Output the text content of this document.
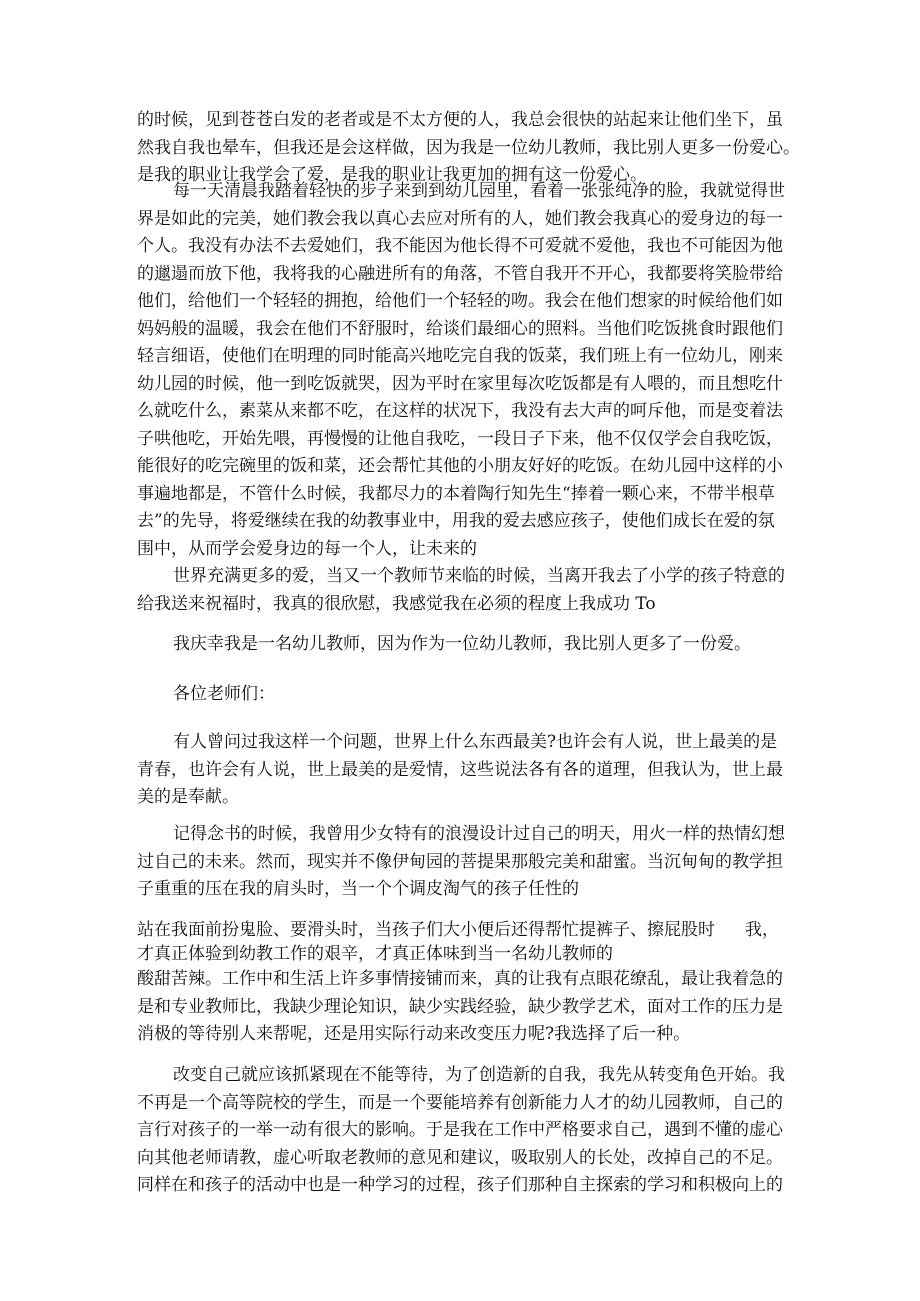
的时候，见到苍苍白发的老者或是不太方便的人，我总会很快的站起来让他们坐下，虽
然我自我也晕车，但我还是会这样做，因为我是一位幼儿教师，我比别人更多一份爱心。
是我的职业让我学会了爱，是我的职业让我更加的拥有这一份爱心。
每一天清晨我踏着轻快的步子来到到幼儿园里，看着一张张纯净的脸，我就觉得世
界是如此的完美，她们教会我以真心去应对所有的人，她们教会我真心的爱身边的每一
个人。我没有办法不去爱她们，我不能因为他长得不可爱就不爱他，我也不可能因为他
的邋遢而放下他，我将我的心融进所有的角落，不管自我开不开心，我都要将笑脸带给
他们，给他们一个轻轻的拥抱，给他们一个轻轻的吻。我会在他们想家的时候给他们如
妈妈般的温暖，我会在他们不舒服时，给谈们最细心的照料。当他们吃饭挑食时跟他们
轻言细语，使他们在明理的同时能高兴地吃完自我的饭菜，我们班上有一位幼儿，刚来
幼儿园的时候，他一到吃饭就哭，因为平时在家里每次吃饭都是有人喂的，而且想吃什
么就吃什么，素菜从来都不吃，在这样的状况下，我没有去大声的呵斥他，而是变着法
子哄他吃，开始先喂，再慢慢的让他自我吃，一段日子下来，他不仅仅学会自我吃饭，
能很好的吃完碗里的饭和菜，还会帮忙其他的小朋友好好的吃饭。在幼儿园中这样的小
事遍地都是，不管什么时候，我都尽力的本着陶行知先生“捧着一颗心来，不带半根草
去”的先导，将爱继续在我的幼教事业中，用我的爱去感应孩子，使他们成长在爱的氛
围中，从而学会爱身边的每一个人，让未来的
世界充满更多的爱，当又一个教师节来临的时候，当离开我去了小学的孩子特意的
给我送来祝福时，我真的很欣慰，我感觉我在必须的程度上我成功 To
我庆幸我是一名幼儿教师，因为作为一位幼儿教师，我比别人更多了一份爱。
各位老师们：
有人曾问过我这样一个问题，世界上什么东西最美?也许会有人说，世上最美的是
青春，也许会有人说，世上最美的是爱情，这些说法各有各的道理，但我认为，世上最
美的是奉献。
记得念书的时候，我曾用少女特有的浪漫设计过自己的明天，用火一样的热情幻想
过自己的未来。然而，现实并不像伊甸园的菩提果那般完美和甜蜜。当沉甸甸的教学担
子重重的压在我的肩头时，当一个个调皮淘气的孩子任性的
站在我面前扮鬼脸、要滑头时，当孩子们大小便后还得帮忙提裤子、擦屁股时 我，
才真正体验到幼教工作的艰辛，才真正体味到当一名幼儿教师的
酸甜苦辣。工作中和生活上许多事情接铺而来，真的让我有点眼花缭乱，最让我着急的
是和专业教师比，我缺少理论知识，缺少实践经验，缺少教学艺术，面对工作的压力是
消极的等待别人来帮呢，还是用实际行动来改变压力呢?我选择了后一种。
改变自己就应该抓紧现在不能等待，为了创造新的自我，我先从转变角色开始。我
不再是一个高等院校的学生，而是一个要能培养有创新能力人才的幼儿园教师，自己的
言行对孩子的一举一动有很大的影响。于是我在工作中严格要求自己，遇到不懂的虚心
向其他老师请教，虚心听取老教师的意见和建议，吸取别人的长处，改掉自己的不足。
同样在和孩子的活动中也是一种学习的过程，孩子们那种自主探索的学习和积极向上的
